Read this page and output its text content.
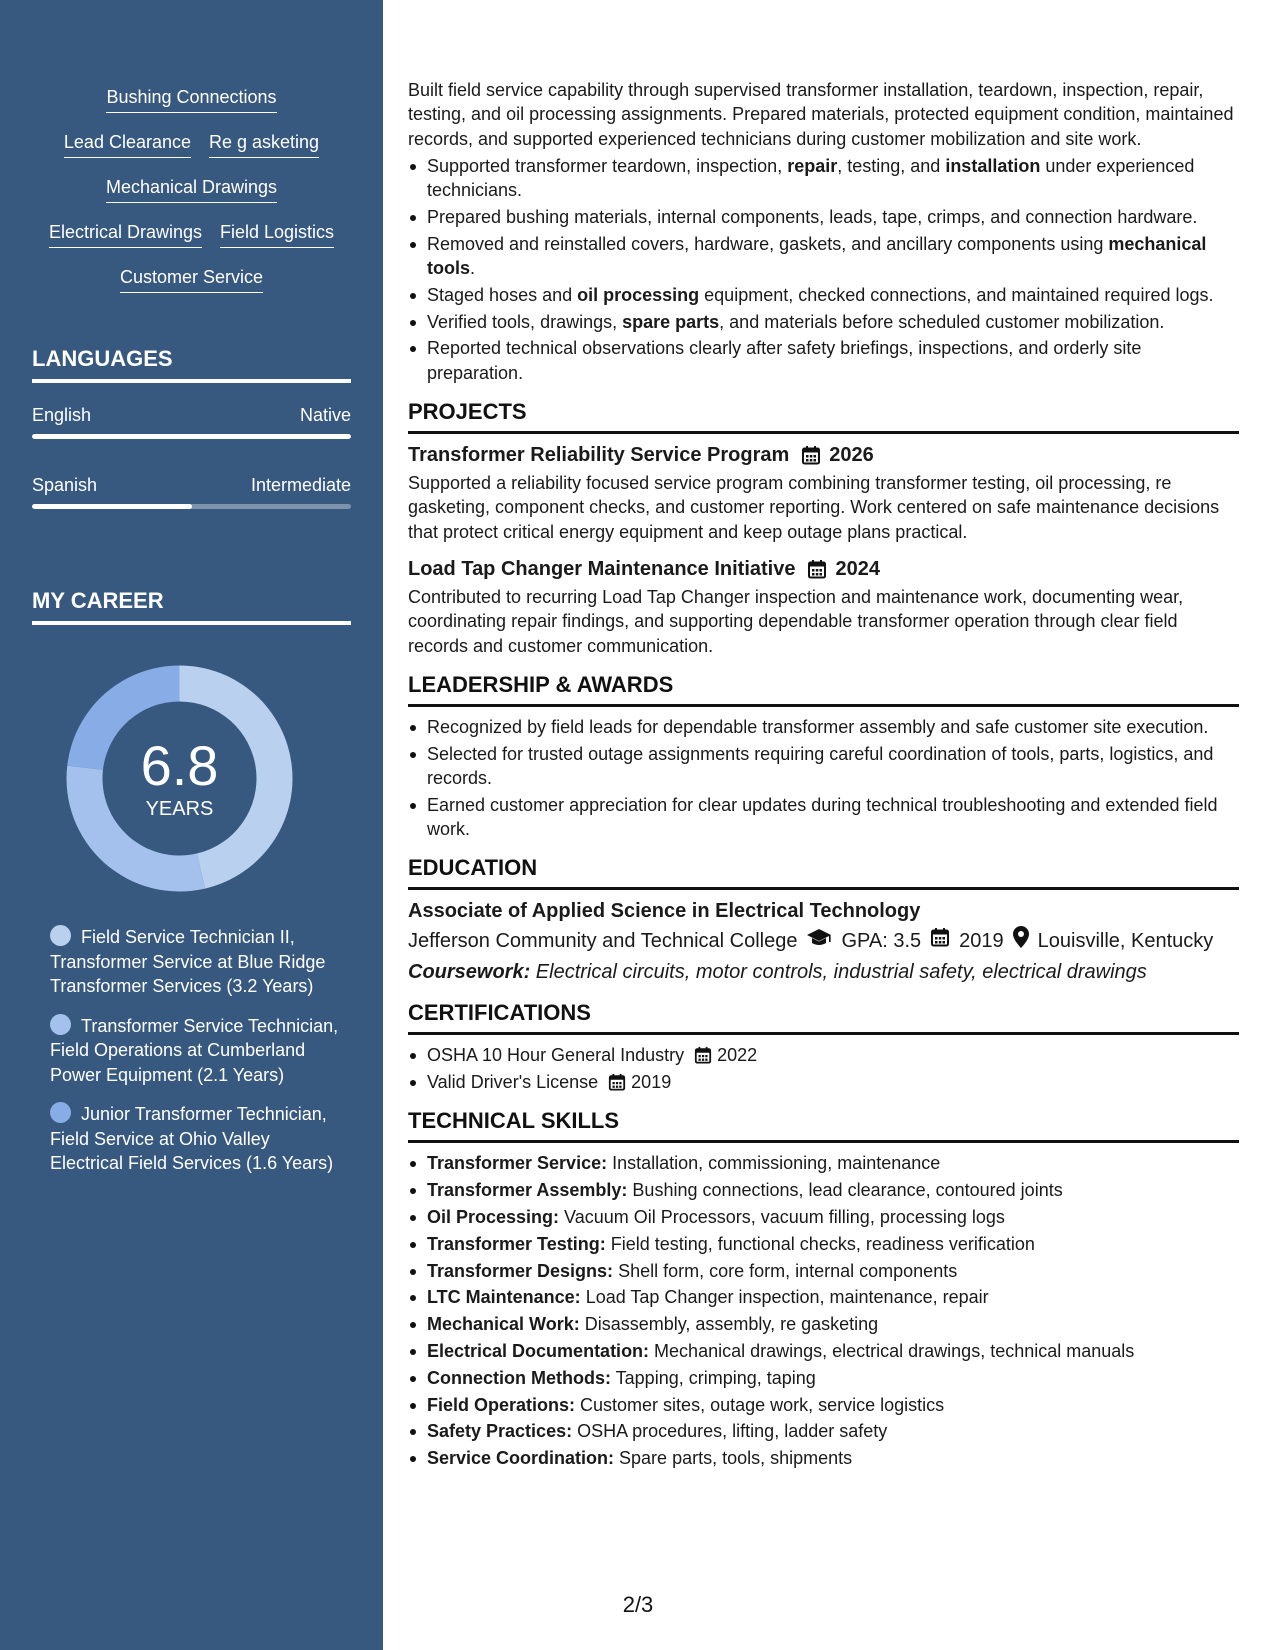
Bushing Connections
Lead Clearance Re g asketing
Mechanical Drawings
Electrical Drawings Field Logistics
Customer Service
LANGUAGES
English	Native
Spanish	Intermediate
MY CAREER
6.8
YEARS
Field Service Technician II, Transformer Service at Blue Ridge Transformer Services (3.2 Years)
Transformer Service Technician, Field Operations at Cumberland Power Equipment (2.1 Years)
Junior Transformer Technician, Field Service at Ohio Valley Electrical Field Services (1.6 Years)

Built field service capability through supervised transformer installation, teardown, inspection, repair, testing, and oil processing assignments. Prepared materials, protected equipment condition, maintained records, and supported experienced technicians during customer mobilization and site work.

Supported transformer teardown, inspection, repair, testing, and installation under experienced technicians.
Prepared bushing materials, internal components, leads, tape, crimps, and connection hardware.
Removed and reinstalled covers, hardware, gaskets, and ancillary components using mechanical tools.
Staged hoses and oil processing equipment, checked connections, and maintained required logs.
Verified tools, drawings, spare parts, and materials before scheduled customer mobilization.
Reported technical observations clearly after safety briefings, inspections, and orderly site preparation.
PROJECTS
Transformer Reliability Service Program 2026

Supported a reliability focused service program combining transformer testing, oil processing, re gasketing, component checks, and customer reporting. Work centered on safe maintenance decisions that protect critical energy equipment and keep outage plans practical.

Load Tap Changer Maintenance Initiative 2024

Contributed to recurring Load Tap Changer inspection and maintenance work, documenting wear, coordinating repair findings, and supporting dependable transformer operation through clear field records and customer communication.

LEADERSHIP & AWARDS
Recognized by field leads for dependable transformer assembly and safe customer site execution.
Selected for trusted outage assignments requiring careful coordination of tools, parts, logistics, and records.
Earned customer appreciation for clear updates during technical troubleshooting and extended field work.
EDUCATION
Associate of Applied Science in Electrical Technology
Jefferson Community and Technical College GPA: 3.5 2019 Louisville, Kentucky
Coursework: Electrical circuits, motor controls, industrial safety, electrical drawings
CERTIFICATIONS
OSHA 10 Hour General Industry 2022
Valid Driver's License 2019
TECHNICAL SKILLS
Transformer Service: Installation, commissioning, maintenance
Transformer Assembly: Bushing connections, lead clearance, contoured joints
Oil Processing: Vacuum Oil Processors, vacuum filling, processing logs
Transformer Testing: Field testing, functional checks, readiness verification
Transformer Designs: Shell form, core form, internal components
LTC Maintenance: Load Tap Changer inspection, maintenance, repair
Mechanical Work: Disassembly, assembly, re gasketing
Electrical Documentation: Mechanical drawings, electrical drawings, technical manuals
Connection Methods: Tapping, crimping, taping
Field Operations: Customer sites, outage work, service logistics
Safety Practices: OSHA procedures, lifting, ladder safety
Service Coordination: Spare parts, tools, shipments
2/3
